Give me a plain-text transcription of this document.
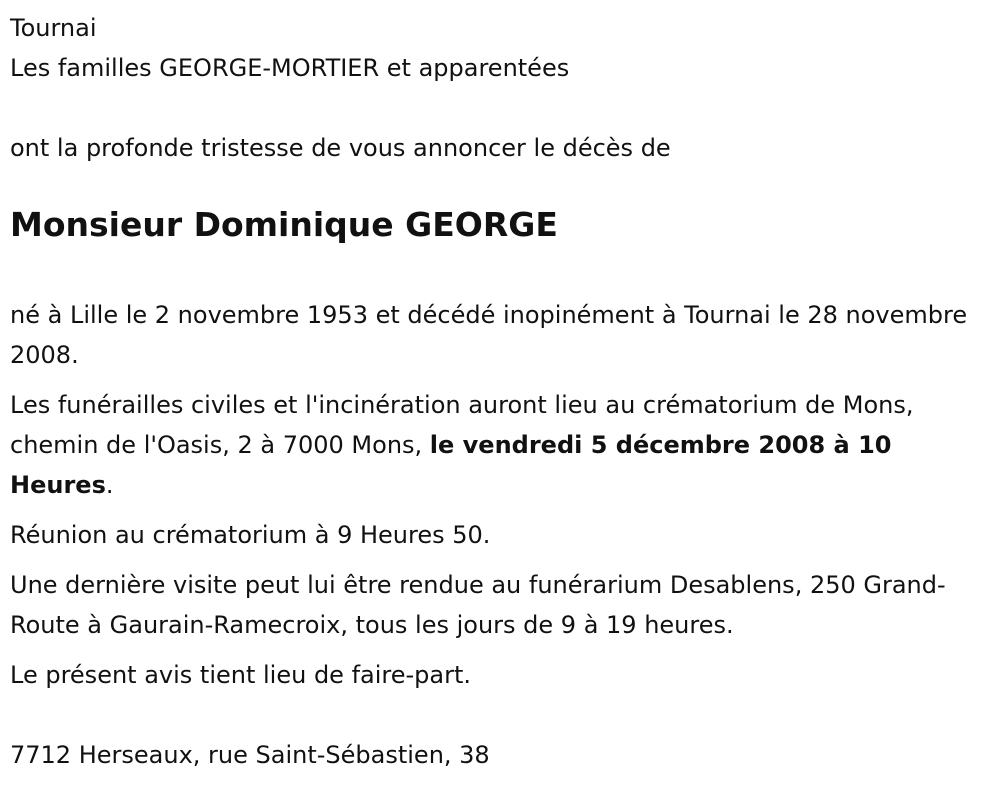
Tournai

Les familles GEORGE-MORTIER et apparentées

ont la profonde tristesse de vous annoncer le décès de

Monsieur Dominique GEORGE

né à Lille le 2 novembre 1953 et décédé inopinément à Tournai le 28 novembre 2008.

Les funérailles civiles et l'incinération auront lieu au crématorium de Mons, chemin de l'Oasis, 2 à 7000 Mons, le vendredi 5 décembre 2008 à 10 Heures.

Réunion au crématorium à 9 Heures 50.

Une dernière visite peut lui être rendue au funérarium Desablens, 250 Grand-Route à Gaurain-Ramecroix, tous les jours de 9 à 19 heures.

Le présent avis tient lieu de faire-part.

7712 Herseaux, rue Saint-Sébastien, 38
